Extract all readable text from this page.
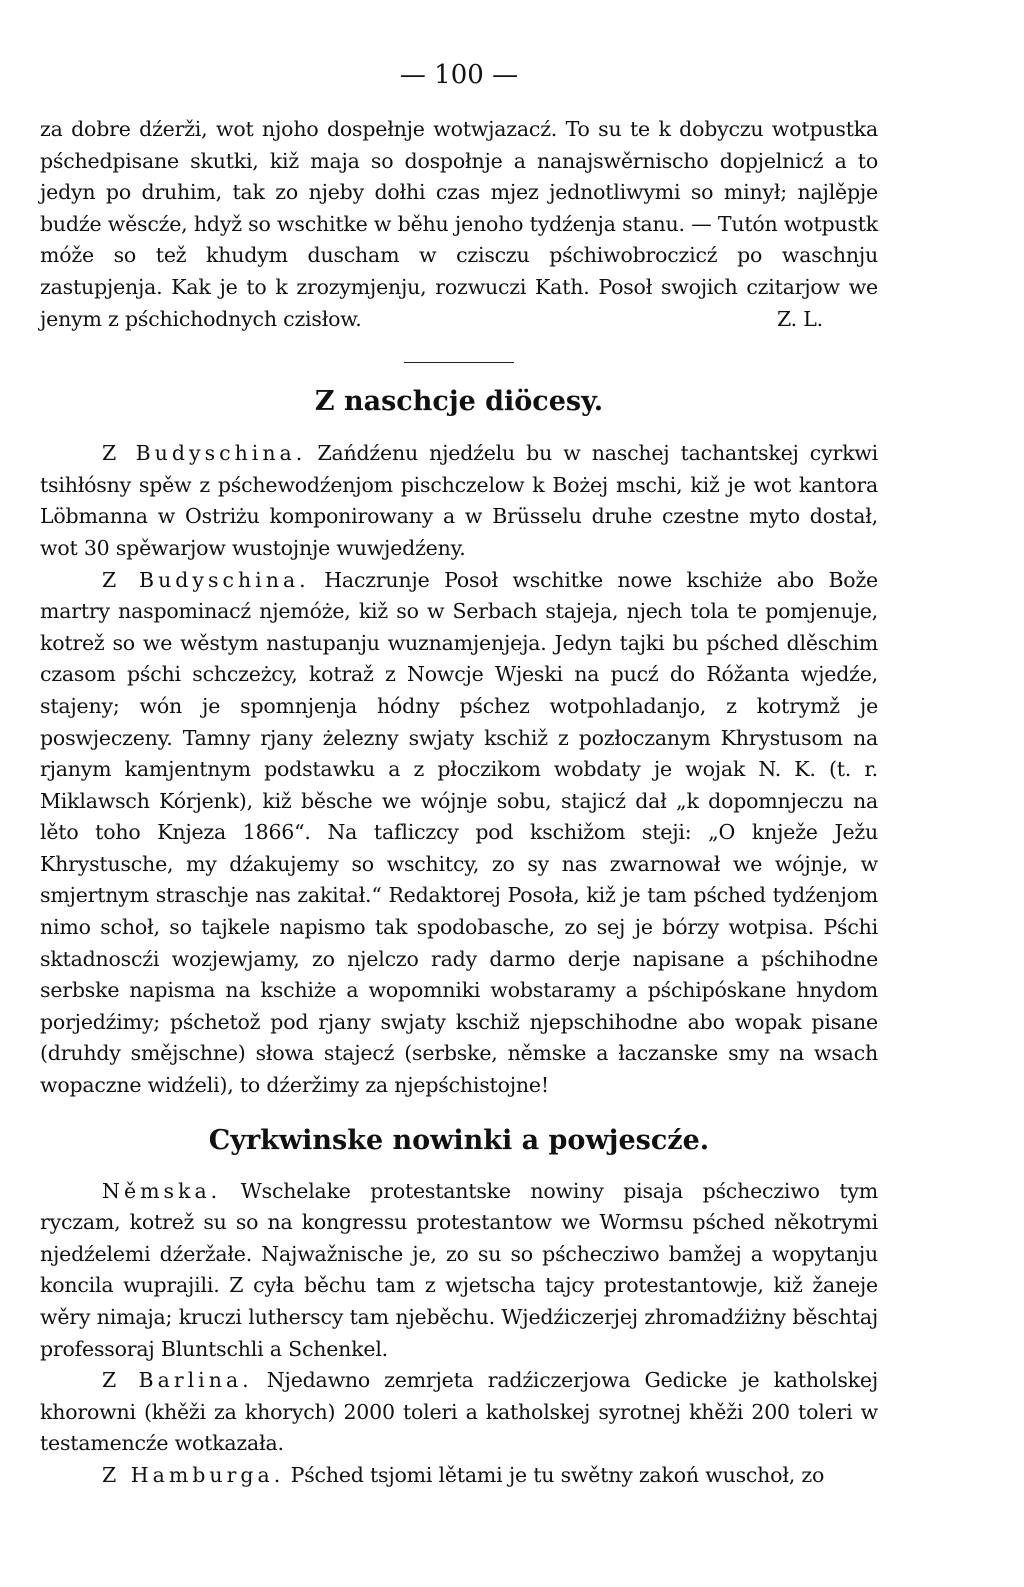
— 100 —

za dobre dźerži, wot njoho dospełnje wotwjazacź. To su te k dobyczu wotpustka pśchedpisane skutki, kiž maja so dospołnje a nanajswěrnischo dopjelnicź a to jedyn po druhim, tak zo njeby dołhi czas mjez jednotliwymi so minył; najlěpje budźe wěscźe, hdyž so wschitke w běhu jenoho tydźenja stanu. — Tutón wotpustk móže so tež khudym duscham w czisczu pśchiwobroczicź po waschnju zastupjenja. Kak je to k zrozymjenju, rozwuczi Kath. Posoł swojich czitarjow we jenym z pśchichodnych czisłow.	Z. L.

Z naschcje diöcesy.

Z Budyschina. Zańdźenu njedźelu bu w naschej tachantskej cyrkwi tsihłósny spěw z pśchewodźenjom pischczelow k Bożej mschi, kiž je wot kantora Löbmanna w Ostriżu komponirowany a w Brüsselu druhe czestne myto dostał, wot 30 spěwarjow wustojnje wuwjedźeny.

Z Budyschina. Haczrunje Posoł wschitke nowe kschiże abo Bože martry naspominacź njemóże, kiž so w Serbach stajeja, njech tola te pomjenuje, kotrež so we wěstym nastupanju wuznamjenjeja. Jedyn tajki bu pśched dlěschim czasom pśchi schczeżcy, kotraž z Nowcje Wjeski na pucź do Róžanta wjedźe, stajeny; wón je spomnjenja hódny pśchez wotpohladanjo, z kotrymž je poswjeczeny. Tamny rjany żelezny swjaty kschiž z pozłoczanym Khrystusom na rjanym kamjentnym podstawku a z płoczikom wobdaty je wojak N. K. (t. r. Miklawsch Kórjenk), kiž běsche we wójnje sobu, stajicź dał „k dopomnjeczu na lěto toho Knjeza 1866“. Na tafliczcy pod kschižom steji: „O knježe Ježu Khrystusche, my dźakujemy so wschitcy, zo sy nas zwarnował we wójnje, w smjertnym straschje nas zakitał.“ Redaktorej Posoła, kiž je tam pśched tydźenjom nimo schoł, so tajkele napismo tak spodobasche, zo sej je bórzy wotpisa. Pśchi sktadnoscźi wozjewjamy, zo njelczo rady darmo derje napisane a pśchihodne serbske napisma na kschiże a wopomniki wobstaramy a pśchipóskane hnydom porjedźimy; pśchetož pod rjany swjaty kschiž njepschihodne abo wopak pisane (druhdy smějschne) słowa stajecź (serbske, němske a łaczanske smy na wsach wopaczne widźeli), to dźeržimy za njepśchistojne!

Cyrkwinske nowinki a powjescźe.

Němska. Wschelake protestantske nowiny pisaja pśchecziwo tym ryczam, kotrež su so na kongressu protestantow we Wormsu pśched někotrymi njedźelemi dźeržałe. Najwažnische je, zo su so pśchecziwo bamžej a wopytanju koncila wuprajili. Z cyła běchu tam z wjetscha tajcy protestantowje, kiž žaneje wěry nimaja; kruczi lutherscy tam njeběchu. Wjedźiczerjej zhromadźiżny běschtaj professoraj Bluntschli a Schenkel.

Z Barlina. Njedawno zemrjeta radźiczerjowa Gedicke je katholskej khorowni (khěži za khorych) 2000 toleri a katholskej syrotnej khěži 200 toleri w testamencźe wotkazała.

Z Hamburga. Pśched tsjomi lětami je tu swětny zakoń wuschoł, zo
